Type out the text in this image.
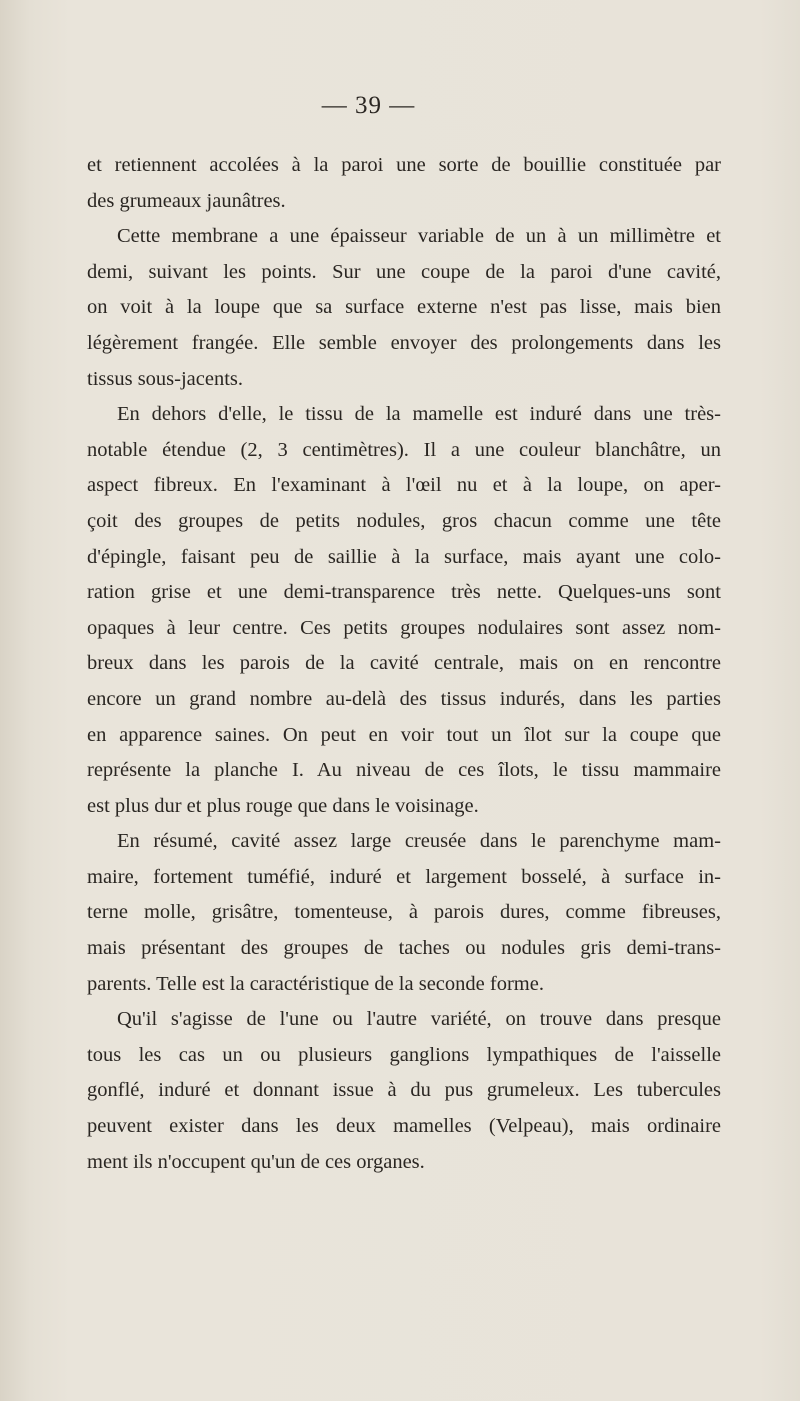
— 39 —
et retiennent accolées à la paroi une sorte de bouillie constituée par
des grumeaux jaunâtres.
Cette membrane a une épaisseur variable de un à un millimètre et
demi, suivant les points. Sur une coupe de la paroi d'une cavité,
on voit à la loupe que sa surface externe n'est pas lisse, mais bien
légèrement frangée. Elle semble envoyer des prolongements dans les
tissus sous-jacents.
En dehors d'elle, le tissu de la mamelle est induré dans une très-
notable étendue (2, 3 centimètres). Il a une couleur blanchâtre, un
aspect fibreux. En l'examinant à l'œil nu et à la loupe, on aper-
çoit des groupes de petits nodules, gros chacun comme une tête
d'épingle, faisant peu de saillie à la surface, mais ayant une colo-
ration grise et une demi-transparence très nette. Quelques-uns sont
opaques à leur centre. Ces petits groupes nodulaires sont assez nom-
breux dans les parois de la cavité centrale, mais on en rencontre
encore un grand nombre au-delà des tissus indurés, dans les parties
en apparence saines. On peut en voir tout un îlot sur la coupe que
représente la planche I. Au niveau de ces îlots, le tissu mammaire
est plus dur et plus rouge que dans le voisinage.
En résumé, cavité assez large creusée dans le parenchyme mam-
maire, fortement tuméfié, induré et largement bosselé, à surface in-
terne molle, grisâtre, tomenteuse, à parois dures, comme fibreuses,
mais présentant des groupes de taches ou nodules gris demi-trans-
parents. Telle est la caractéristique de la seconde forme.
Qu'il s'agisse de l'une ou l'autre variété, on trouve dans presque
tous les cas un ou plusieurs ganglions lympathiques de l'aisselle
gonflé, induré et donnant issue à du pus grumeleux. Les tubercules
peuvent exister dans les deux mamelles (Velpeau), mais ordinaire
ment ils n'occupent qu'un de ces organes.
